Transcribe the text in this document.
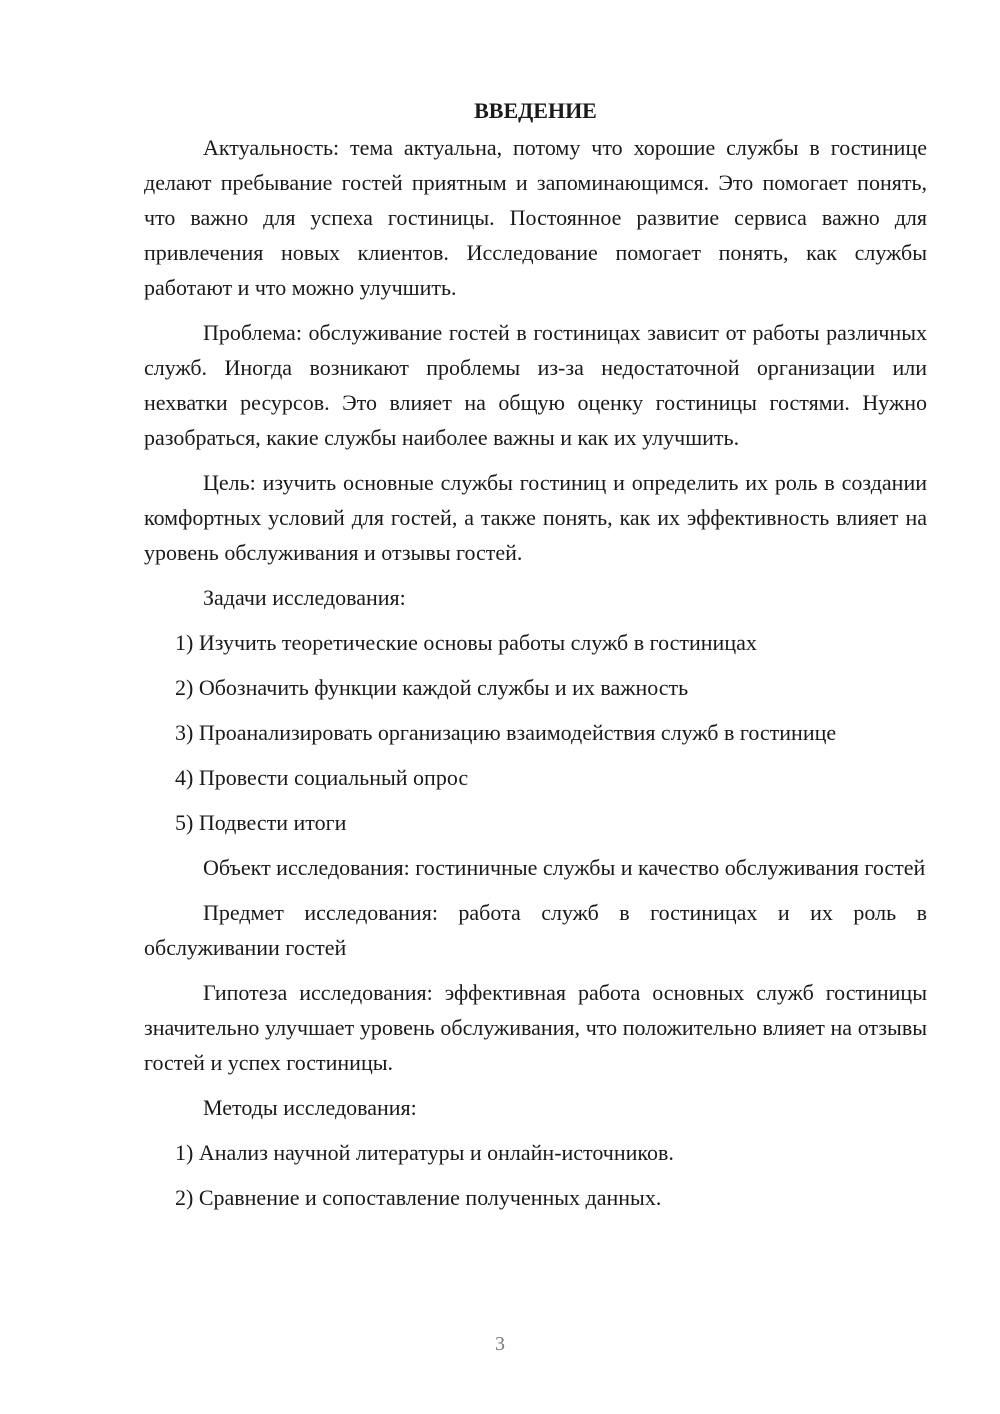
ВВЕДЕНИЕ

Актуальность: тема актуальна, потому что хорошие службы в гостинице делают пребывание гостей приятным и запоминающимся. Это помогает понять, что важно для успеха гостиницы. Постоянное развитие сервиса важно для привлечения новых клиентов. Исследование помогает понять, как службы работают и что можно улучшить.

Проблема: обслуживание гостей в гостиницах зависит от работы различных служб. Иногда возникают проблемы из-за недостаточной организации или нехватки ресурсов. Это влияет на общую оценку гостиницы гостями. Нужно разобраться, какие службы наиболее важны и как их улучшить.

Цель: изучить основные службы гостиниц и определить их роль в создании комфортных условий для гостей, а также понять, как их эффективность влияет на уровень обслуживания и отзывы гостей.

Задачи исследования:

1) Изучить теоретические основы работы служб в гостиницах
2) Обозначить функции каждой службы и их важность
3) Проанализировать организацию взаимодействия служб в гостинице
4) Провести социальный опрос
5) Подвести итоги

Объект исследования: гостиничные службы и качество обслуживания гостей

Предмет исследования: работа служб в гостиницах и их роль в обслуживании гостей

Гипотеза исследования: эффективная работа основных служб гостиницы значительно улучшает уровень обслуживания, что положительно влияет на отзывы гостей и успех гостиницы.

Методы исследования:

1) Анализ научной литературы и онлайн-источников.
2) Сравнение и сопоставление полученных данных.
3
